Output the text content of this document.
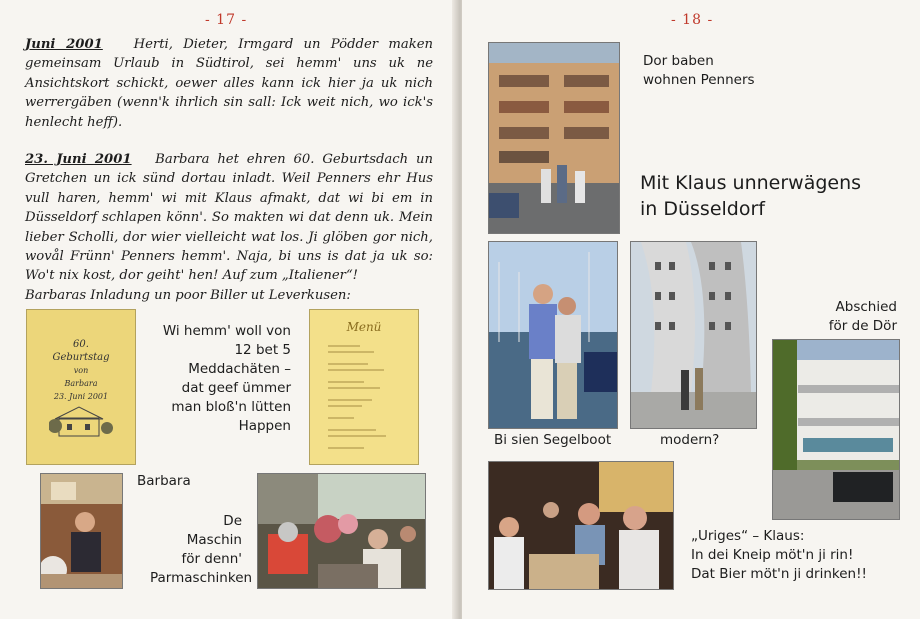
- 17 -

Juni 2001 Herti, Dieter, Irmgard un Pödder maken gemeinsam Urlaub in Südtirol, sei hemm' uns uk ne Ansichtskort schickt, oewer alles kann ick hier ja uk nich werrergäben (wenn'k ihrlich sin sall: Ick weit nich, wo ick's henlecht heff).

23. Juni 2001 Barbara het ehren 60. Geburtsdach un Gretchen un ick sünd dortau inladt. Weil Penners ehr Hus vull haren, hemm' wi mit Klaus afmakt, dat wi bi em in Düsseldorf schlapen könn'. So makten wi dat denn uk. Mein lieber Scholli, dor wier vielleicht wat los. Ji glöben gor nich, wovål Frünn' Penners hemm'. Naja, bi uns is dat ja uk so: Wo't nix kost, dor geiht' hen! Auf zum „Italiener“!

Barbaras Inladung un poor Biller ut Leverkusen:

60.
Geburtstag
von
Barbara
23. Juni 2001
Wi hemm' woll von
12 bet 5
Meddachäten –
dat geef ümmer
man bloß'n lütten
Happen
Menü
Barbara
De
Maschin
för denn'
Parmaschinken
- 18 -
Dor baben
wohnen Penners
Mit Klaus unnerwägens
in Düsseldorf
Bi sien Segelboot	modern?
Abschied
för de Dör
„Uriges“ – Klaus:
In dei Kneip möt'n ji rin!
Dat Bier möt'n ji drinken!!
